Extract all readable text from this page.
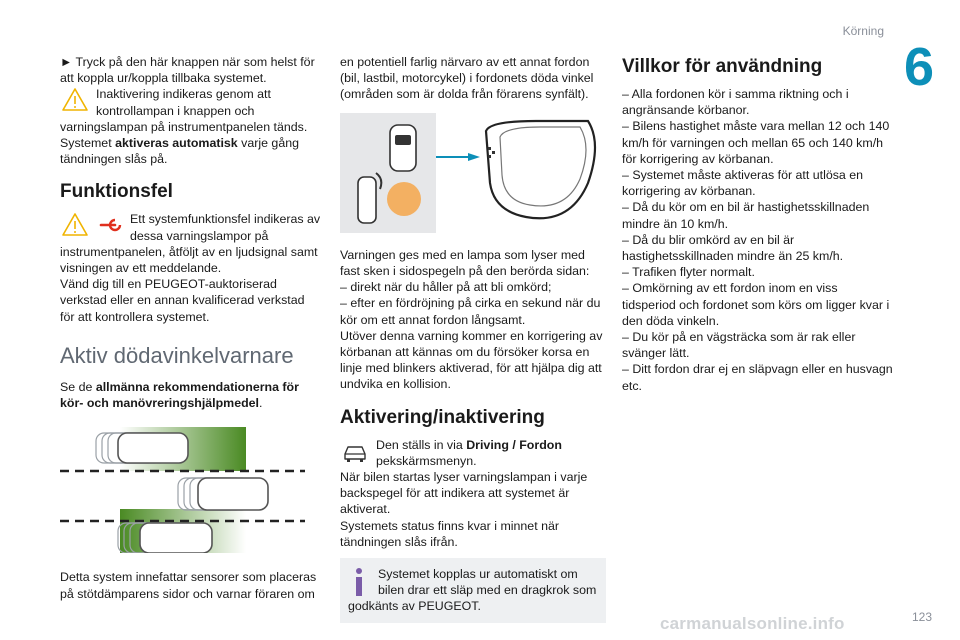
Körning
6

► Tryck på den här knappen när som helst för att koppla ur/koppla tillbaka systemet.

Inaktivering indikeras genom att kontrollampan i knappen och varningslampan på instrumentpanelen tänds.

Systemet aktiveras automatisk varje gång tändningen slås på.

Funktionsfel

Ett systemfunktionsfel indikeras av dessa varningslampor på instrumentpanelen, åtföljt av en ljudsignal samt visningen av ett meddelande.

Vänd dig till en PEUGEOT-auktoriserad verkstad eller en annan kvalificerad verkstad för att kontrollera systemet.

Aktiv dödavinkelvarnare

Se de allmänna rekommendationerna för kör- och manövreringshjälpmedel.

Detta system innefattar sensorer som placeras på stötdämparens sidor och varnar föraren om

en potentiell farlig närvaro av ett annat fordon (bil, lastbil, motorcykel) i fordonets döda vinkel (områden som är dolda från förarens synfält).

Varningen ges med en lampa som lyser med fast sken i sidospegeln på den berörda sidan:

– direkt när du håller på att bli omkörd;

– efter en fördröjning på cirka en sekund när du kör om ett annat fordon långsamt.

Utöver denna varning kommer en korrigering av körbanan att kännas om du försöker korsa en linje med blinkers aktiverad, för att hjälpa dig att undvika en kollision.

Aktivering/inaktivering

Den ställs in via Driving / Fordon pekskärmsmenyn.

När bilen startas lyser varningslampan i varje backspegel för att indikera att systemet är aktiverat.

Systemets status finns kvar i minnet när tändningen slås ifrån.

Systemet kopplas ur automatiskt om bilen drar ett släp med en dragkrok som godkänts av PEUGEOT.

Villkor för användning

– Alla fordonen kör i samma riktning och i angränsande körbanor.

– Bilens hastighet måste vara mellan 12 och 140 km/h för varningen och mellan 65 och 140 km/h för korrigering av körbanan.

– Systemet måste aktiveras för att utlösa en korrigering av körbanan.

– Då du kör om en bil är hastighetsskillnaden mindre än 10 km/h.

– Då du blir omkörd av en bil är hastighetsskillnaden mindre än 25 km/h.

– Trafiken flyter normalt.

– Omkörning av ett fordon inom en viss tidsperiod och fordonet som körs om ligger kvar i den döda vinkeln.

– Du kör på en vägsträcka som är rak eller svänger lätt.

– Ditt fordon drar ej en släpvagn eller en husvagn etc.

123
carmanualsonline.info
